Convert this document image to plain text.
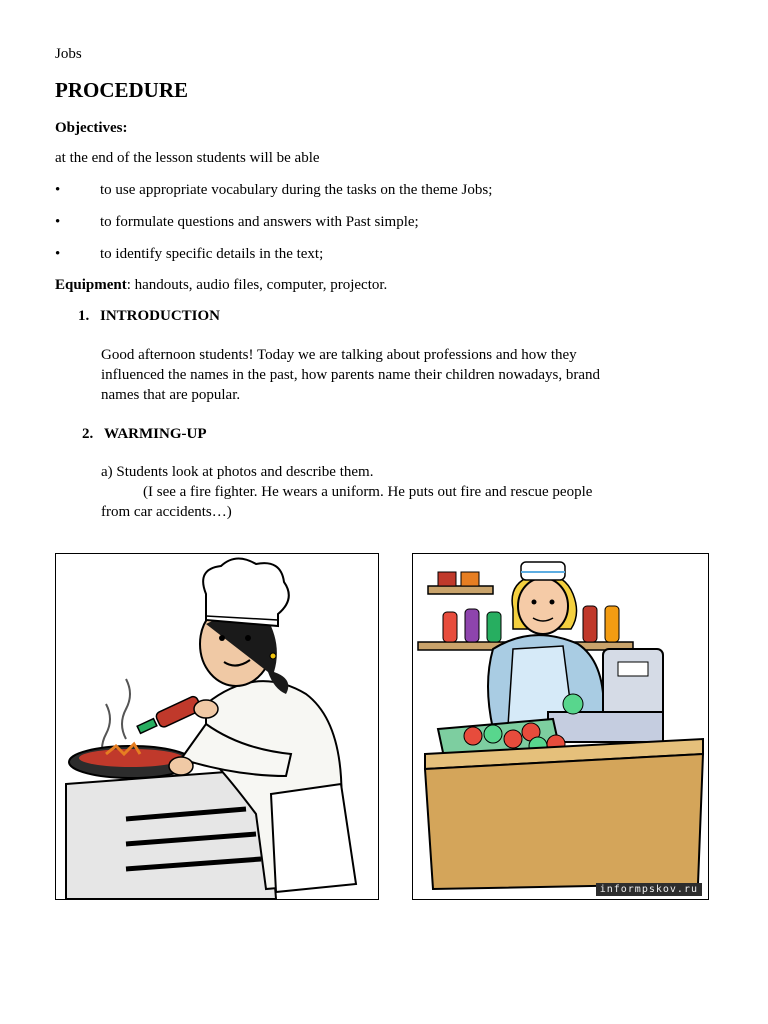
Jobs
PROCEDURE
Objectives:
at the end of the lesson students will be able
•	to use appropriate vocabulary during the tasks on the theme Jobs;
•	to formulate questions and answers with Past simple;
•	to identify specific details in the text;
Equipment: handouts, audio files, computer, projector.
1. INTRODUCTION
Good afternoon students! Today we are talking about professions and how they
influenced the names in the past, how parents name their children nowadays, brand
names that are popular.
2. WARMING-UP
a) Students look at photos and describe them.
(I see a fire fighter. He wears a uniform. He puts out fire and rescue people
from car accidents…)
informpskov.ru
